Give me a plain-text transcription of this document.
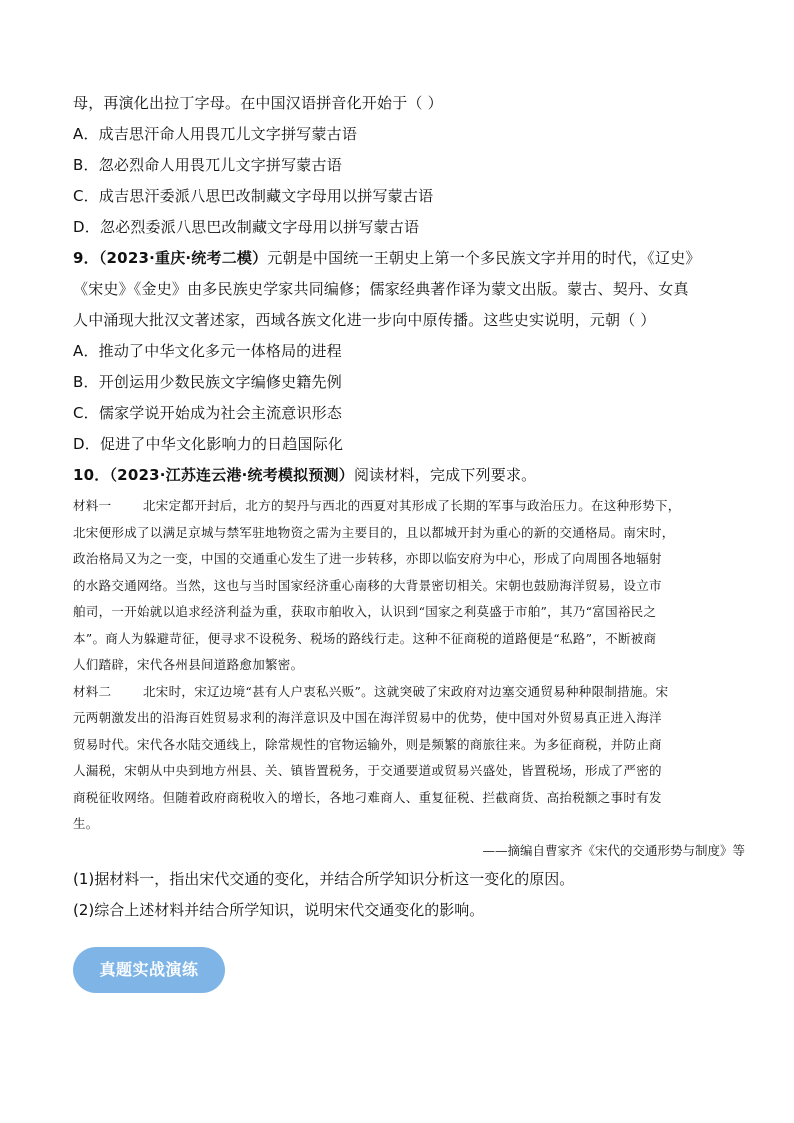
母，再演化出拉丁字母。在中国汉语拼音化开始于（ ）
A．成吉思汗命人用畏兀儿文字拼写蒙古语
B．忽必烈命人用畏兀儿文字拼写蒙古语
C．成吉思汗委派八思巴改制藏文字母用以拼写蒙古语
D．忽必烈委派八思巴改制藏文字母用以拼写蒙古语
9．（2023·重庆·统考二模）元朝是中国统一王朝史上第一个多民族文字并用的时代，《辽史》
《宋史》《金史》由多民族史学家共同编修；儒家经典著作译为蒙文出版。蒙古、契丹、女真
人中涌现大批汉文著述家，西域各族文化进一步向中原传播。这些史实说明，元朝（ ）
A．推动了中华文化多元一体格局的进程
B．开创运用少数民族文字编修史籍先例
C．儒家学说开始成为社会主流意识形态
D．促进了中华文化影响力的日趋国际化
10．（2023·江苏连云港·统考模拟预测）阅读材料，完成下列要求。
材料一	北宋定都开封后，北方的契丹与西北的西夏对其形成了长期的军事与政治压力。在这种形势下，
北宋便形成了以满足京城与禁军驻地物资之需为主要目的，且以都城开封为重心的新的交通格局。南宋时，
政治格局又为之一变，中国的交通重心发生了进一步转移，亦即以临安府为中心，形成了向周围各地辐射
的水路交通网络。当然，这也与当时国家经济重心南移的大背景密切相关。宋朝也鼓励海洋贸易，设立市
舶司，一开始就以追求经济利益为重，获取市舶收入，认识到“国家之利莫盛于市舶”，其乃“富国裕民之
本”。商人为躲避苛征，便寻求不设税务、税场的路线行走。这种不征商税的道路便是“私路”，不断被商
人们踏辟，宋代各州县间道路愈加繁密。
材料二	北宋时，宋辽边境“甚有人户衷私兴贩”。这就突破了宋政府对边塞交通贸易种种限制措施。宋
元两朝激发出的沿海百姓贸易求利的海洋意识及中国在海洋贸易中的优势，使中国对外贸易真正进入海洋
贸易时代。宋代各水陆交通线上，除常规性的官物运输外，则是频繁的商旅往来。为多征商税，并防止商
人漏税，宋朝从中央到地方州县、关、镇皆置税务，于交通要道或贸易兴盛处，皆置税场，形成了严密的
商税征收网络。但随着政府商税收入的增长，各地刁难商人、重复征税、拦截商货、高抬税额之事时有发
生。
——摘编自曹家齐《宋代的交通形势与制度》等
(1)据材料一，指出宋代交通的变化，并结合所学知识分析这一变化的原因。
(2)综合上述材料并结合所学知识，说明宋代交通变化的影响。
真题实战演练
